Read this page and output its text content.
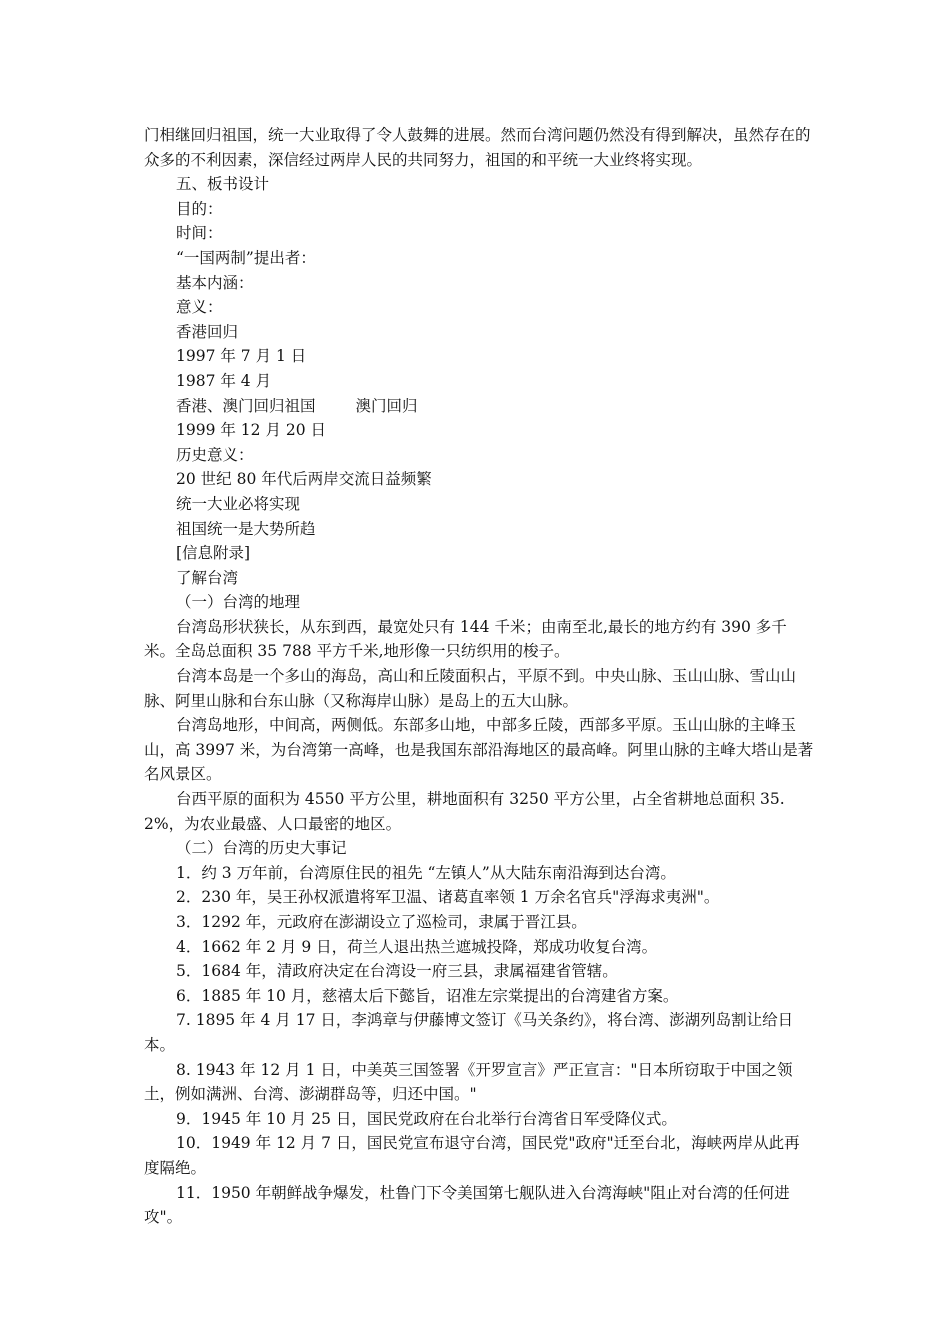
门相继回归祖国，统一大业取得了令人鼓舞的进展。然而台湾问题仍然没有得到解决，虽然存在的众多的不利因素，深信经过两岸人民的共同努力，祖国的和平统一大业终将实现。
五、板书设计
目的：
时间：
“一国两制”提出者：
基本内涵：
意义：
香港回归
1997 年 7 月 1 日
1987 年 4 月
香港、澳门回归祖国	澳门回归
1999 年 12 月 20 日
历史意义：
20 世纪 80 年代后两岸交流日益频繁
统一大业必将实现
祖国统一是大势所趋
[信息附录]
了解台湾
（一）台湾的地理
台湾岛形状狭长，从东到西，最宽处只有 144 千米；由南至北,最长的地方约有 390 多千米。全岛总面积 35 788 平方千米,地形像一只纺织用的梭子。
台湾本岛是一个多山的海岛，高山和丘陵面积占，平原不到。中央山脉、玉山山脉、雪山山脉、阿里山脉和台东山脉（又称海岸山脉）是岛上的五大山脉。
台湾岛地形，中间高，两侧低。东部多山地，中部多丘陵，西部多平原。玉山山脉的主峰玉山，高 3997 米，为台湾第一高峰，也是我国东部沿海地区的最高峰。阿里山脉的主峰大塔山是著名风景区。
台西平原的面积为 4550 平方公里，耕地面积有 3250 平方公里，占全省耕地总面积 35.2%，为农业最盛、人口最密的地区。
（二）台湾的历史大事记
1．约 3 万年前，台湾原住民的祖先 “左镇人”从大陆东南沿海到达台湾。
2．230 年，吴王孙权派遣将军卫温、诸葛直率领 1 万余名官兵"浮海求夷洲"。
3．1292 年，元政府在澎湖设立了巡检司，隶属于晋江县。
4．1662 年 2 月 9 日，荷兰人退出热兰遮城投降，郑成功收复台湾。
5．1684 年，清政府决定在台湾设一府三县，隶属福建省管辖。
6．1885 年 10 月，慈禧太后下懿旨，诏准左宗棠提出的台湾建省方案。
7. 1895 年 4 月 17 日，李鸿章与伊藤博文签订《马关条约》，将台湾、澎湖列岛割让给日本。
8. 1943 年 12 月 1 日，中美英三国签署《开罗宣言》严正宣言："日本所窃取于中国之领土，例如满洲、台湾、澎湖群岛等，归还中国。"
9．1945 年 10 月 25 日，国民党政府在台北举行台湾省日军受降仪式。
10．1949 年 12 月 7 日，国民党宣布退守台湾，国民党"政府"迁至台北，海峡两岸从此再度隔绝。
11．1950 年朝鲜战争爆发，杜鲁门下令美国第七舰队进入台湾海峡"阻止对台湾的任何进攻"。
